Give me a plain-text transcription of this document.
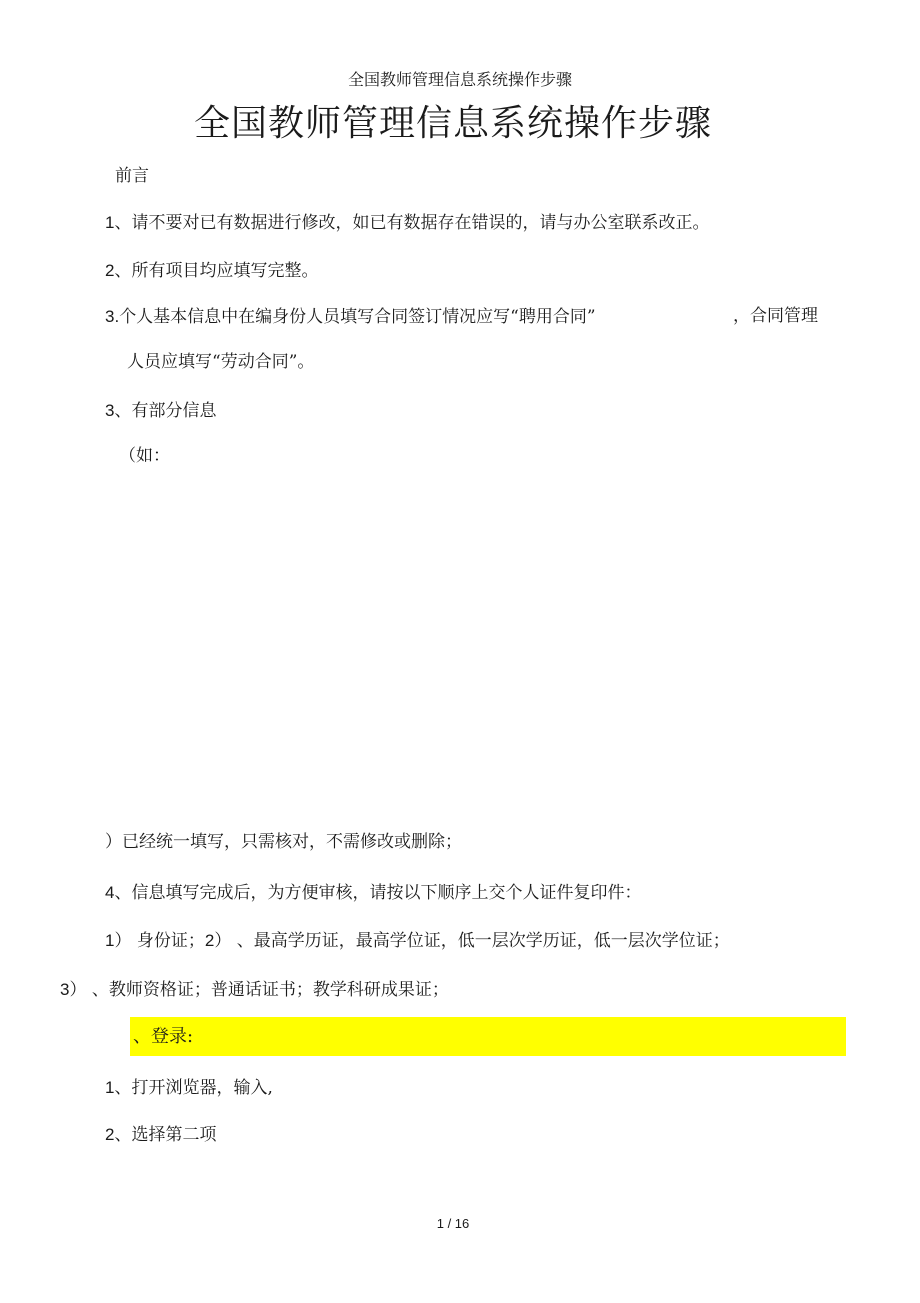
全国教师管理信息系统操作步骤
全国教师管理信息系统操作步骤
前言
1、请不要对已有数据进行修改，如已有数据存在错误的，请与办公室联系改正。
2、所有项目均应填写完整。
3.个人基本信息中在编身份人员填写合同签订情况应写“聘用合同”	，合同管理
人员应填写“劳动合同”。
3、有部分信息
（如：
）已经统一填写，只需核对，不需修改或删除；
4、信息填写完成后，为方便审核，请按以下顺序上交个人证件复印件：
1） 身份证；2） 、最高学历证，最高学位证，低一层次学历证，低一层次学位证；
3） 、教师资格证；普通话证书；教学科研成果证；
、登录:
1、打开浏览器，输入,
2、选择第二项
1 / 16
